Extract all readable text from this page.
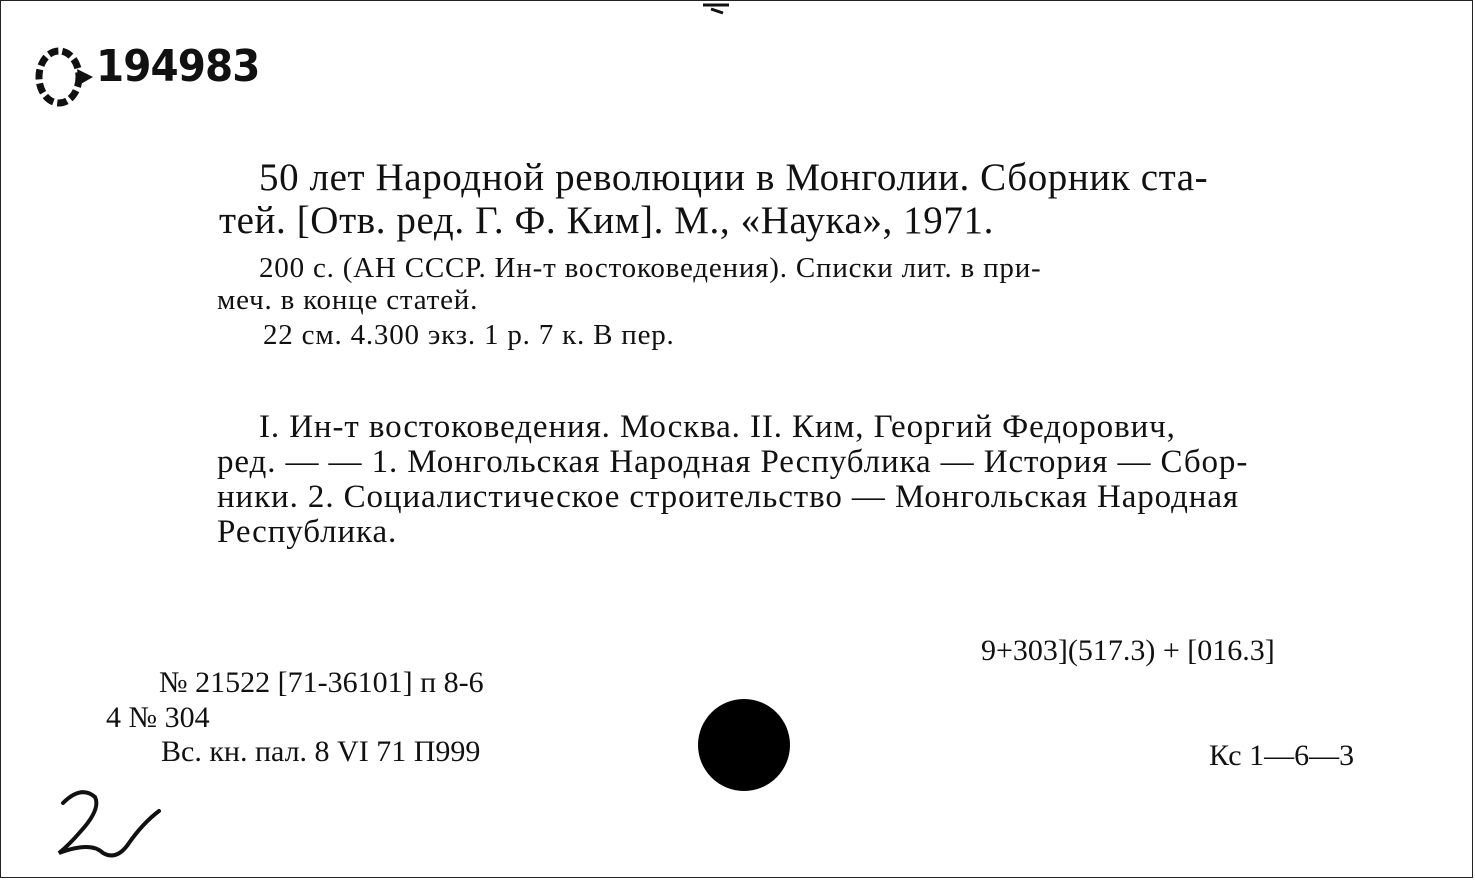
194983
50 лет Народной революции в Монголии. Сборник ста-
тей. [Отв. ред. Г. Ф. Ким]. М., «Наука», 1971.
200 с. (АН СССР. Ин-т востоковедения). Списки лит. в при-
меч. в конце статей.
22 см. 4.300 экз. 1 р. 7 к. В пер.
I. Ин-т востоковедения. Москва. II. Ким, Георгий Федорович,
ред. — — 1. Монгольская Народная Республика — История — Сбор-
ники. 2. Социалистическое строительство — Монгольская Народная
Республика.
9+303](517.3) + [016.3]
№ 21522 [71-36101] п 8-6
4 № 304
Вс. кн. пал. 8 VI 71 П999	Кс 1—6—3
